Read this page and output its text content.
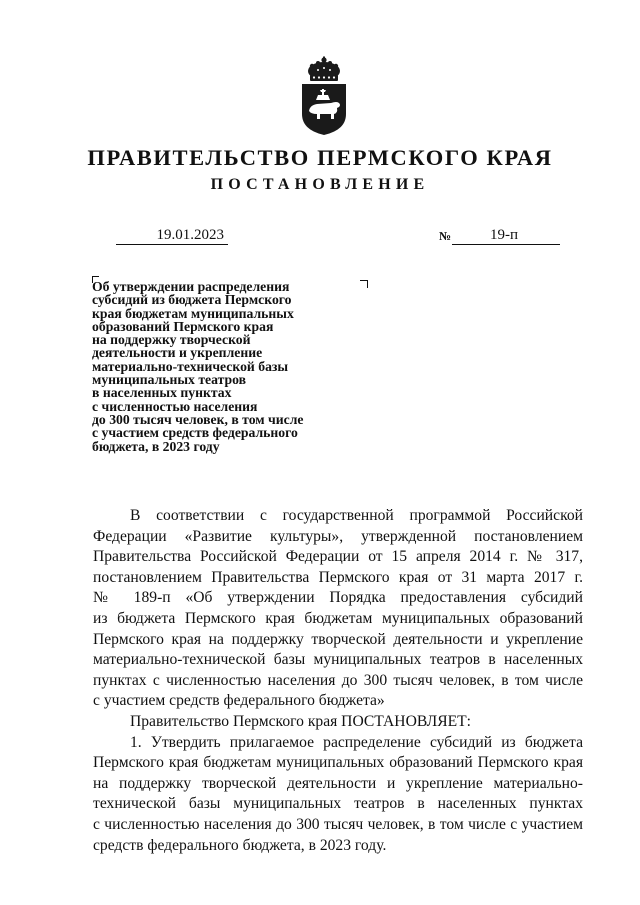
ПРАВИТЕЛЬСТВО ПЕРМСКОГО КРАЯ
ПОСТАНОВЛЕНИЕ
19.01.2023	№	19-п
Об утверждении распределения
субсидий из бюджета Пермского
края бюджетам муниципальных
образований Пермского края
на поддержку творческой
деятельности и укрепление
материально-технической базы
муниципальных театров
в населенных пунктах
с численностью населения
до 300 тысяч человек, в том числе
с участием средств федерального
бюджета, в 2023 году

В соответствии с государственной программой Российской
Федерации «Развитие культуры», утвержденной постановлением
Правительства Российской Федерации от 15 апреля 2014 г. № 317,
постановлением Правительства Пермского края от 31 марта 2017 г.
№ 189-п «Об утверждении Порядка предоставления субсидий
из бюджета Пермского края бюджетам муниципальных образований
Пермского края на поддержку творческой деятельности и укрепление
материально-технической базы муниципальных театров в населенных
пунктах с численностью населения до 300 тысяч человек, в том числе
с участием средств федерального бюджета»

Правительство Пермского края ПОСТАНОВЛЯЕТ:

1. Утвердить прилагаемое распределение субсидий из бюджета
Пермского края бюджетам муниципальных образований Пермского края
на поддержку творческой деятельности и укрепление материально-
технической базы муниципальных театров в населенных пунктах
с численностью населения до 300 тысяч человек, в том числе с участием
средств федерального бюджета, в 2023 году.
